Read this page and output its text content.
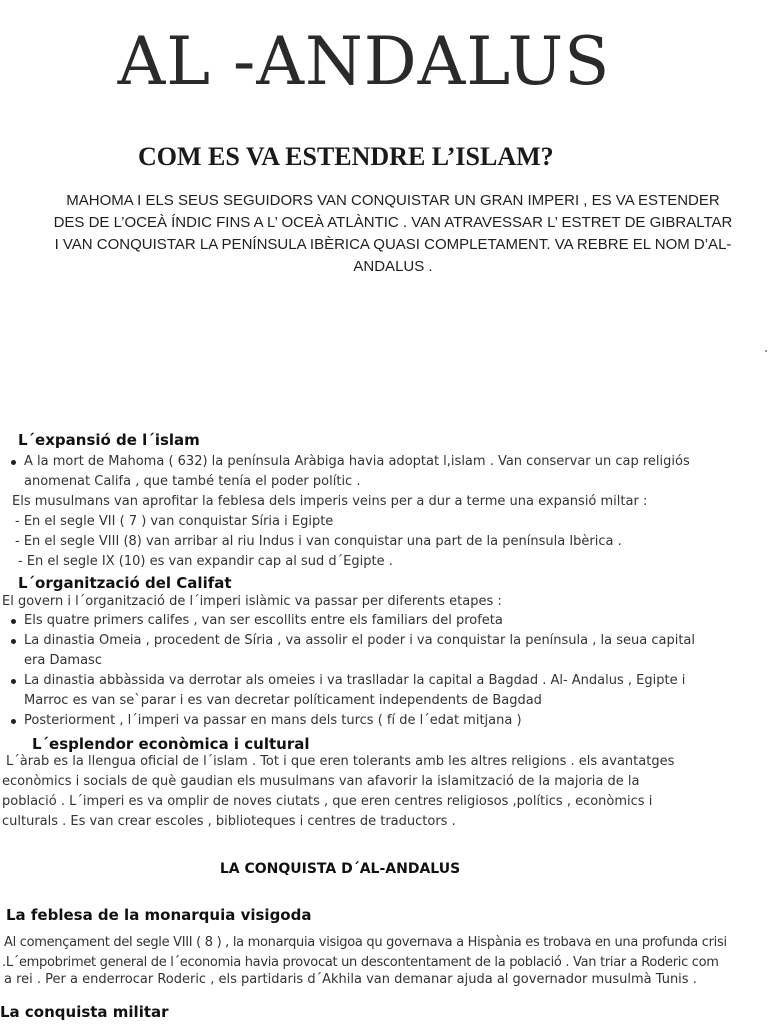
AL -ANDALUS
COM ES VA ESTENDRE L’ISLAM?

MAHOMA I ELS SEUS SEGUIDORS VAN CONQUISTAR UN GRAN IMPERI , ES VA ESTENDER DES DE L’OCEÀ ÍNDIC FINS A L’ OCEÀ ATLÀNTIC . VAN ATRAVESSAR L’ ESTRET DE GIBRALTAR I VAN CONQUISTAR LA PENÍNSULA IBÈRICA QUASI COMPLETAMENT. VA REBRE EL NOM D’AL- ANDALUS .

L´expansió de l´islam
A la mort de Mahoma ( 632) la península Aràbiga havia adoptat l,islam . Van conservar un cap religiós
anomenat Califa , que també tenía el poder polític .
Els musulmans van aprofitar la feblesa dels imperis veins per a dur a terme una expansió miltar :
- En el segle VII ( 7 ) van conquistar Síria i Egipte
- En el segle VIII (8) van arribar al riu Indus i van conquistar una part de la península Ibèrica .
- En el segle IX (10) es van expandir cap al sud d´Egipte .
L´organització del Califat
El govern i l´organització de l´imperi islàmic va passar per diferents etapes :
Els quatre primers califes , van ser escollits entre els familiars del profeta
La dinastia Omeia , procedent de Síria , va assolir el poder i va conquistar la península , la seua capital
era Damasc
La dinastia abbàssida va derrotar als omeies i va traslladar la capital a Bagdad . Al- Andalus , Egipte i
Marroc es van se`parar i es van decretar políticament independents de Bagdad
Posteriorment , l´imperi va passar en mans dels turcs ( fí de l´edat mitjana )
L´esplendor econòmica i cultural
L´àrab es la llengua oficial de l´islam . Tot i que eren tolerants amb les altres religions . els avantatges
econòmics i socials de què gaudian els musulmans van afavorir la islamització de la majoria de la
població . L´imperi es va omplir de noves ciutats , que eren centres religiosos ,polítics , econòmics i
culturals . Es van crear escoles , biblioteques i centres de traductors .
LA CONQUISTA D´AL-ANDALUS
La feblesa de la monarquia visigoda
Al començament del segle VIII ( 8 ) , la monarquia visigoa qu governava a Hispània es trobava en una profunda crisi
.L´empobrimet general de l´economia havia provocat un descontentament de la població . Van triar a Roderic com
a rei . Per a enderrocar Roderic , els partidaris d´Akhila van demanar ajuda al governador musulmà Tunis .
La conquista militar
